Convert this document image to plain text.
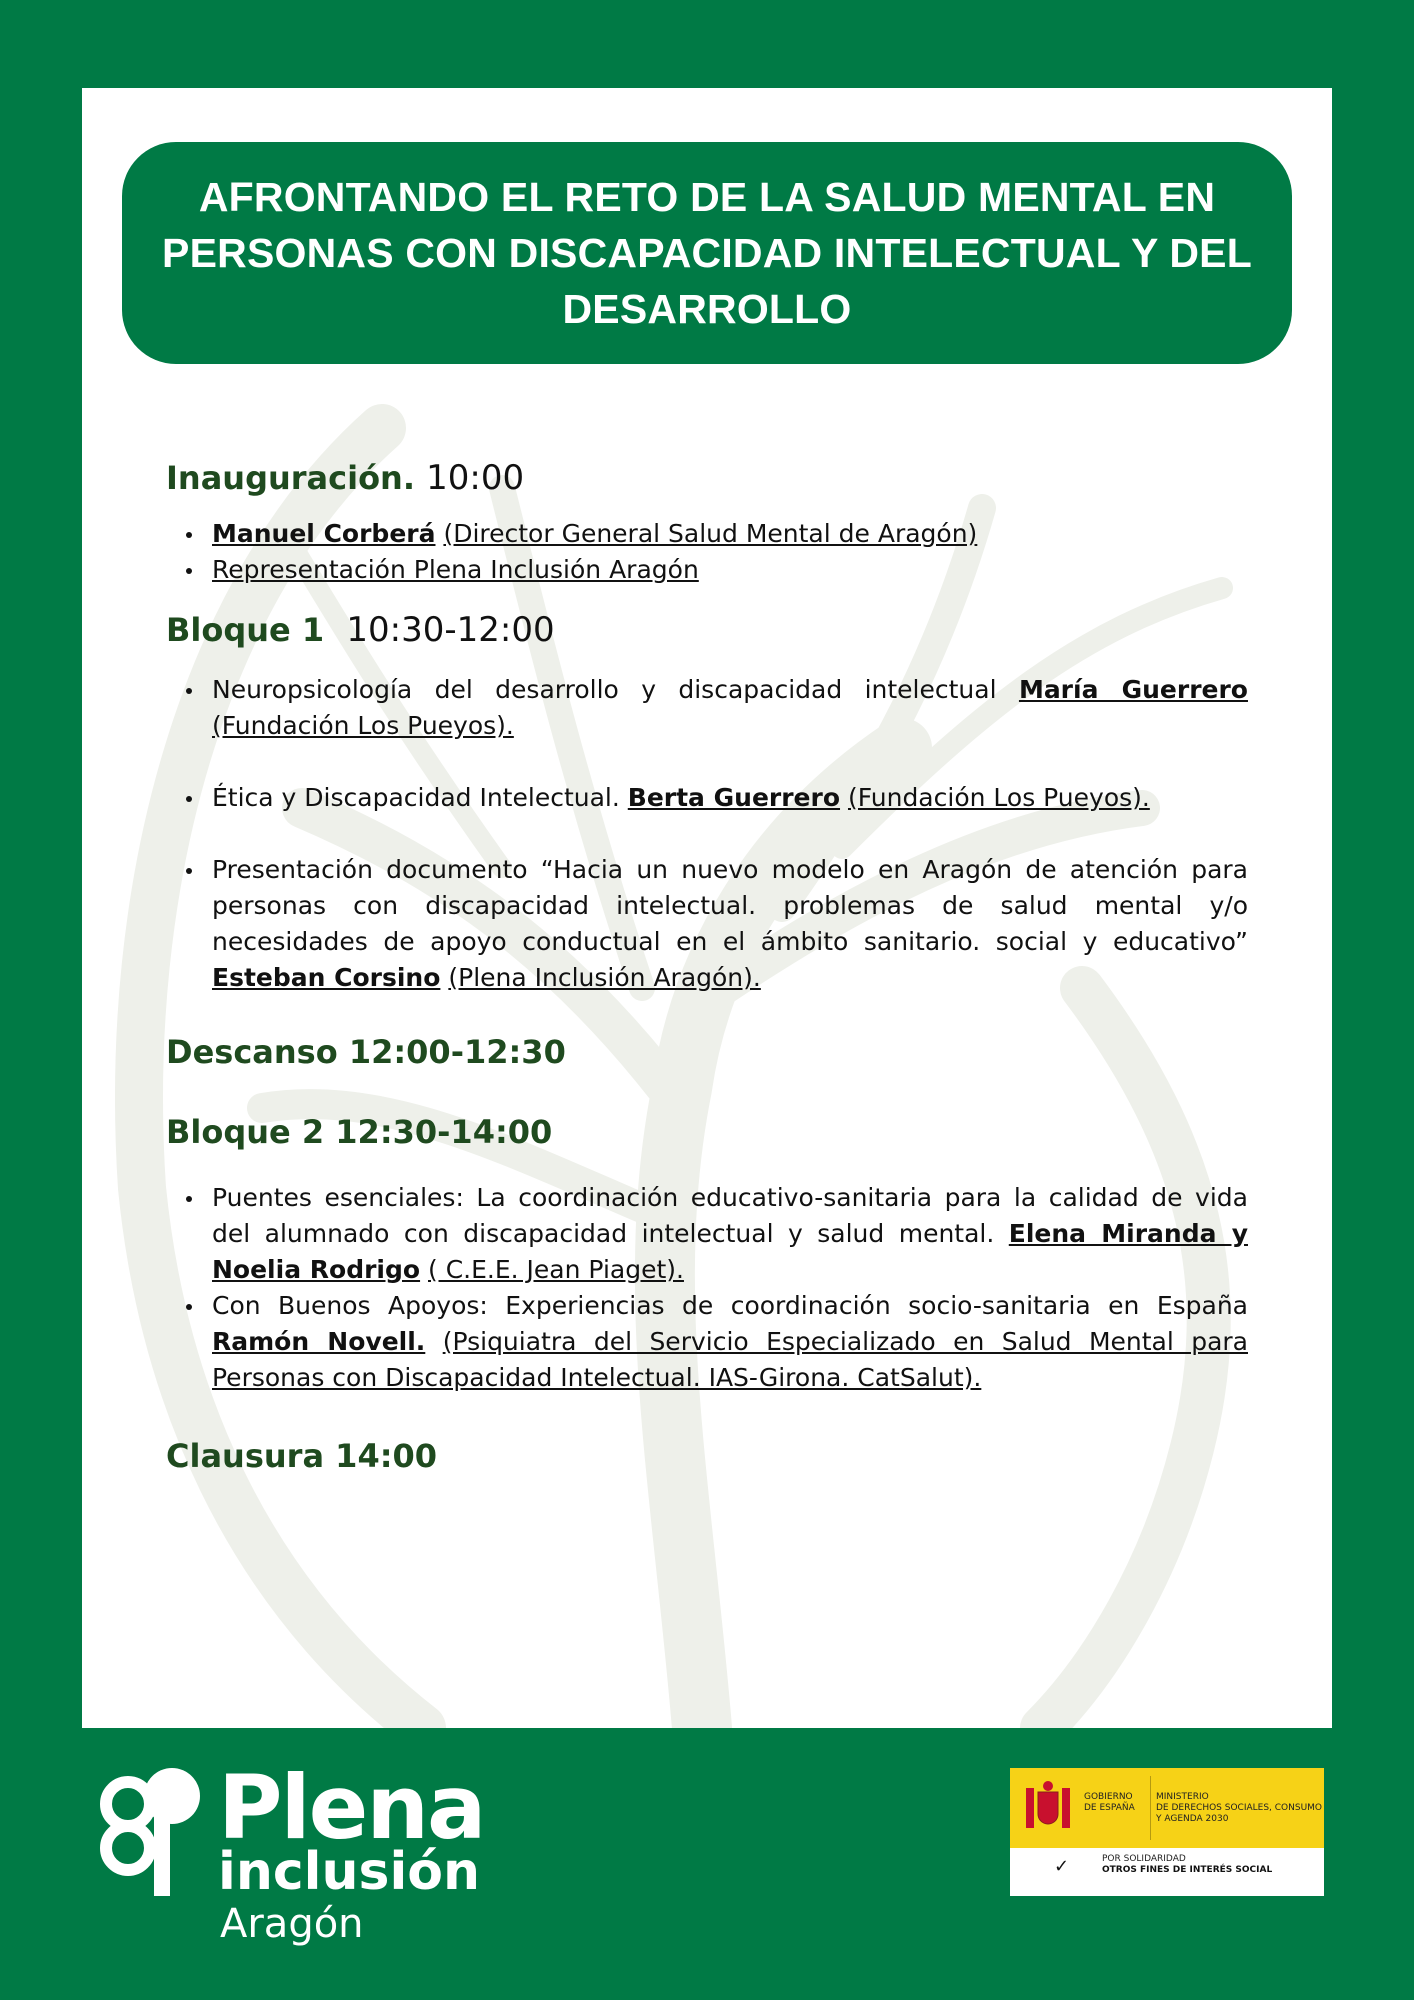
AFRONTANDO EL RETO DE LA SALUD MENTAL EN PERSONAS CON DISCAPACIDAD INTELECTUAL Y DEL DESARROLLO

Inauguración. 10:00

Manuel Corberá (Director General Salud Mental de Aragón)
Representación Plena Inclusión Aragón

Bloque 1 10:30-12:00

Neuropsicología del desarrollo y discapacidad intelectual María Guerrero (Fundación Los Pueyos).
Ética y Discapacidad Intelectual. Berta Guerrero (Fundación Los Pueyos).
Presentación documento “Hacia un nuevo modelo en Aragón de atención para personas con discapacidad intelectual. problemas de salud mental y/o necesidades de apoyo conductual en el ámbito sanitario. social y educativo” Esteban Corsino (Plena Inclusión Aragón).

Descanso 12:00-12:30

Bloque 2 12:30-14:00

Puentes esenciales: La coordinación educativo-sanitaria para la calidad de vida del alumnado con discapacidad intelectual y salud mental. Elena Miranda y Noelia Rodrigo ( C.E.E. Jean Piaget).
Con Buenos Apoyos: Experiencias de coordinación socio-sanitaria en España Ramón Novell. (Psiquiatra del Servicio Especializado en Salud Mental para Personas con Discapacidad Intelectual. IAS-Girona. CatSalut).

Clausura 14:00

Plena
inclusión
Aragón
GOBIERNO
DE ESPAÑA
MINISTERIO
DE DERECHOS SOCIALES, CONSUMO
Y AGENDA 2030
✓	POR SOLIDARIDAD
OTROS FINES DE INTERÉS SOCIAL
